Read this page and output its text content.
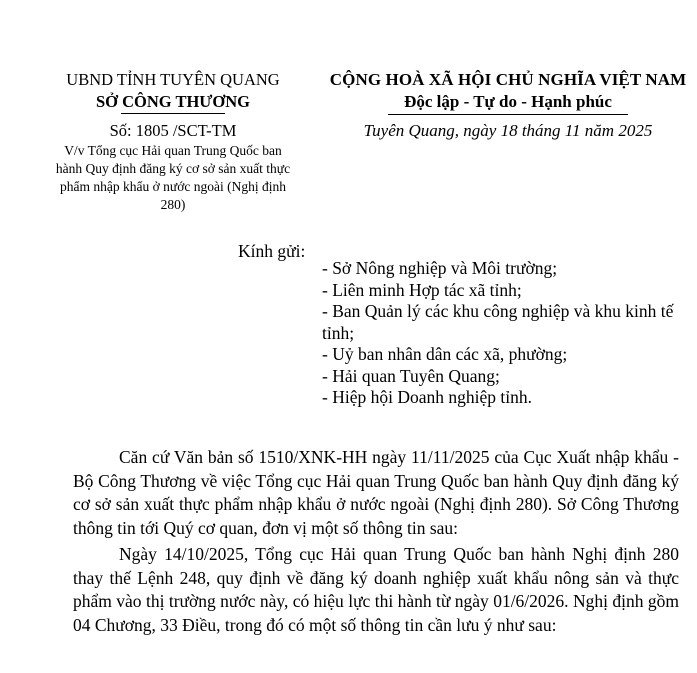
UBND TỈNH TUYÊN QUANG
SỞ CÔNG THƯƠNG
Số: 1805 /SCT-TM
V/v Tổng cục Hải quan Trung Quốc ban hành Quy định đăng ký cơ sở sản xuất thực phẩm nhập khẩu ở nước ngoài (Nghị định 280)
CỘNG HOÀ XÃ HỘI CHỦ NGHĨA VIỆT NAM
Độc lập - Tự do - Hạnh phúc
Tuyên Quang, ngày 18 tháng 11 năm 2025
Kính gửi:
- Sở Nông nghiệp và Môi trường;
- Liên minh Hợp tác xã tỉnh;
- Ban Quản lý các khu công nghiệp và khu kinh tế tỉnh;
- Uỷ ban nhân dân các xã, phường;
- Hải quan Tuyên Quang;
- Hiệp hội Doanh nghiệp tỉnh.

Căn cứ Văn bản số 1510/XNK-HH ngày 11/11/2025 của Cục Xuất nhập khẩu - Bộ Công Thương về việc Tổng cục Hải quan Trung Quốc ban hành Quy định đăng ký cơ sở sản xuất thực phẩm nhập khẩu ở nước ngoài (Nghị định 280). Sở Công Thương thông tin tới Quý cơ quan, đơn vị một số thông tin sau:

Ngày 14/10/2025, Tổng cục Hải quan Trung Quốc ban hành Nghị định 280 thay thế Lệnh 248, quy định về đăng ký doanh nghiệp xuất khẩu nông sản và thực phẩm vào thị trường nước này, có hiệu lực thi hành từ ngày 01/6/2026. Nghị định gồm 04 Chương, 33 Điều, trong đó có một số thông tin cần lưu ý như sau:
